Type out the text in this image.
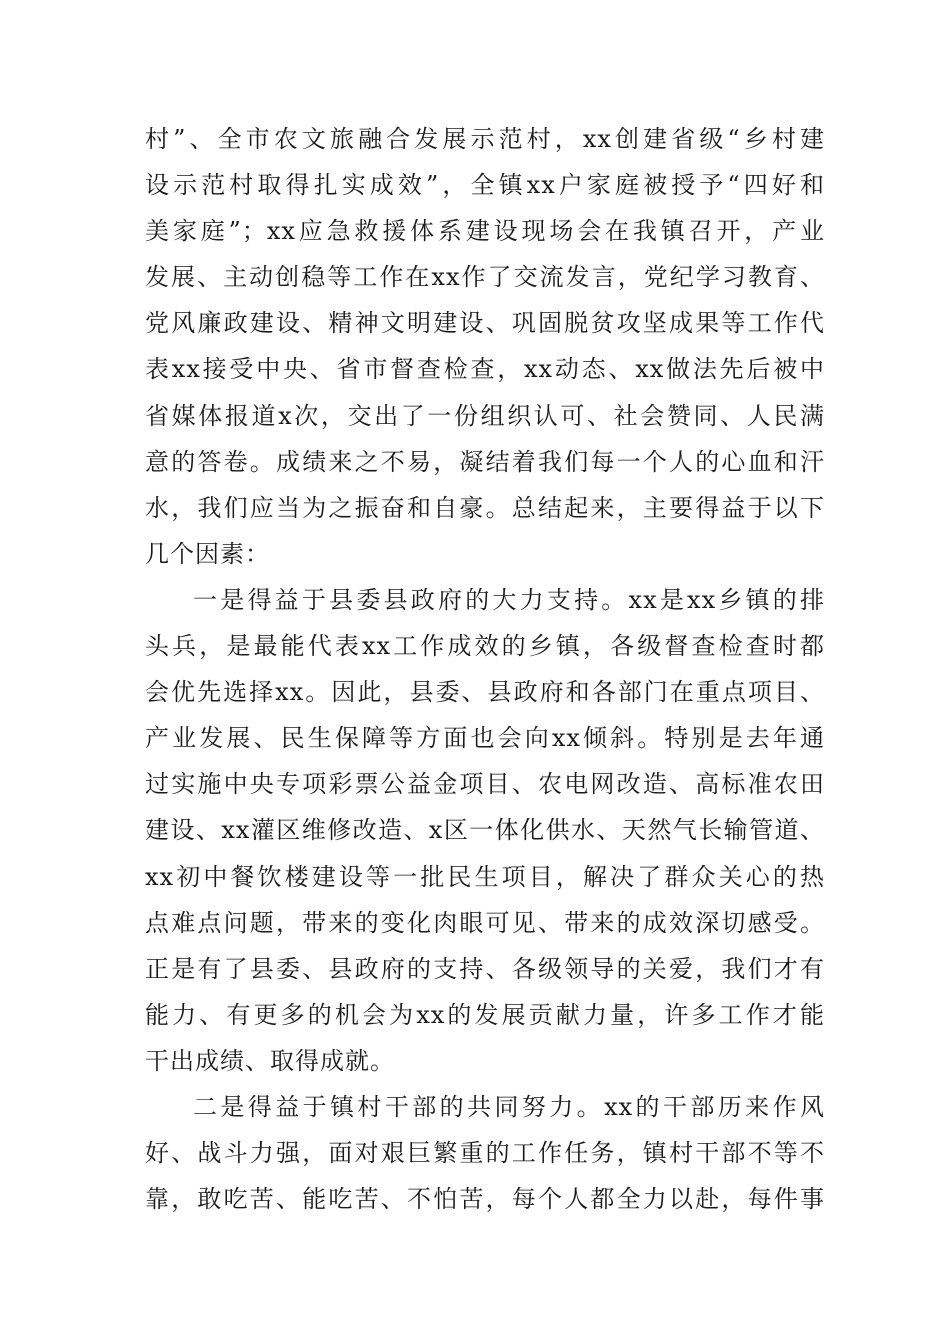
村”、全市农文旅融合发展示范村，xx创建省级“乡村建
设示范村取得扎实成效”，全镇xx户家庭被授予“四好和
美家庭”；xx应急救援体系建设现场会在我镇召开，产业
发展、主动创稳等工作在xx作了交流发言，党纪学习教育、
党风廉政建设、精神文明建设、巩固脱贫攻坚成果等工作代
表xx接受中央、省市督查检查，xx动态、xx做法先后被中
省媒体报道x次，交出了一份组织认可、社会赞同、人民满
意的答卷。成绩来之不易，凝结着我们每一个人的心血和汗
水，我们应当为之振奋和自豪。总结起来，主要得益于以下
几个因素：
一是得益于县委县政府的大力支持。xx是xx乡镇的排
头兵，是最能代表xx工作成效的乡镇，各级督查检查时都
会优先选择xx。因此，县委、县政府和各部门在重点项目、
产业发展、民生保障等方面也会向xx倾斜。特别是去年通
过实施中央专项彩票公益金项目、农电网改造、高标准农田
建设、xx灌区维修改造、x区一体化供水、天然气长输管道、
xx初中餐饮楼建设等一批民生项目，解决了群众关心的热
点难点问题，带来的变化肉眼可见、带来的成效深切感受。
正是有了县委、县政府的支持、各级领导的关爱，我们才有
能力、有更多的机会为xx的发展贡献力量，许多工作才能
干出成绩、取得成就。
二是得益于镇村干部的共同努力。xx的干部历来作风
好、战斗力强，面对艰巨繁重的工作任务，镇村干部不等不
靠，敢吃苦、能吃苦、不怕苦，每个人都全力以赴，每件事
